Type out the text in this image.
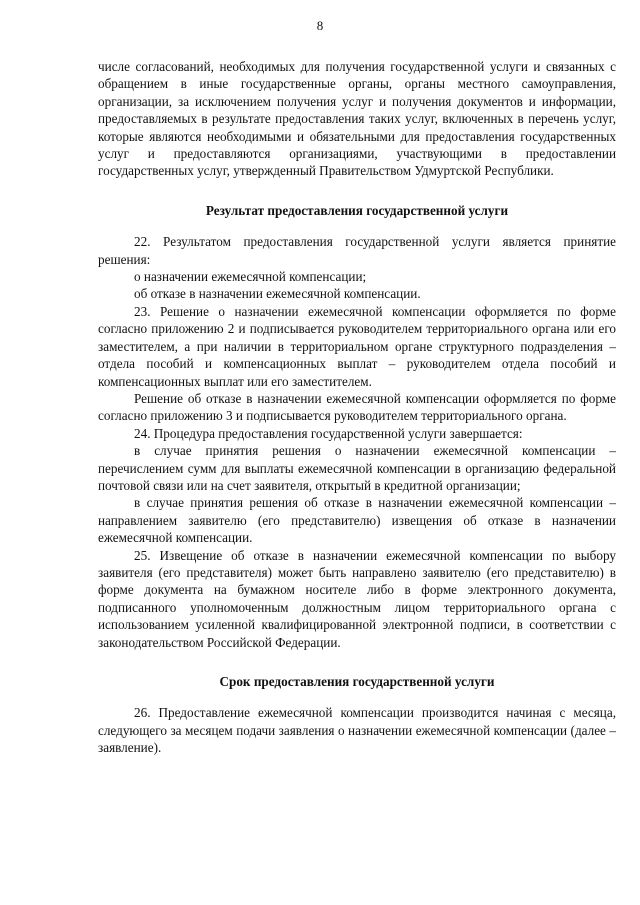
8

числе согласований, необходимых для получения государственной услуги и связанных с обращением в иные государственные органы, органы местного самоуправления, организации, за исключением получения услуг и получения документов и информации, предоставляемых в результате предоставления таких услуг, включенных в перечень услуг, которые являются необходимыми и обязательными для предоставления государственных услуг и предоставляются организациями, участвующими в предоставлении государственных услуг, утвержденный Правительством Удмуртской Республики.

Результат предоставления государственной услуги

22. Результатом предоставления государственной услуги является принятие решения:

о назначении ежемесячной компенсации;

об отказе в назначении ежемесячной компенсации.

23. Решение о назначении ежемесячной компенсации оформляется по форме согласно приложению 2 и подписывается руководителем территориального органа или его заместителем, а при наличии в территориальном органе структурного подразделения – отдела пособий и компенсационных выплат – руководителем отдела пособий и компенсационных выплат или его заместителем.

Решение об отказе в назначении ежемесячной компенсации оформляется по форме согласно приложению 3 и подписывается руководителем территориального органа.

24. Процедура предоставления государственной услуги завершается:

в случае принятия решения о назначении ежемесячной компенсации – перечислением сумм для выплаты ежемесячной компенсации в организацию федеральной почтовой связи или на счет заявителя, открытый в кредитной организации;

в случае принятия решения об отказе в назначении ежемесячной компенсации – направлением заявителю (его представителю) извещения об отказе в назначении ежемесячной компенсации.

25. Извещение об отказе в назначении ежемесячной компенсации по выбору заявителя (его представителя) может быть направлено заявителю (его представителю) в форме документа на бумажном носителе либо в форме электронного документа, подписанного уполномоченным должностным лицом территориального органа с использованием усиленной квалифицированной электронной подписи, в соответствии с законодательством Российской Федерации.

Срок предоставления государственной услуги

26. Предоставление ежемесячной компенсации производится начиная с месяца, следующего за месяцем подачи заявления о назначении ежемесячной компенсации (далее – заявление).
